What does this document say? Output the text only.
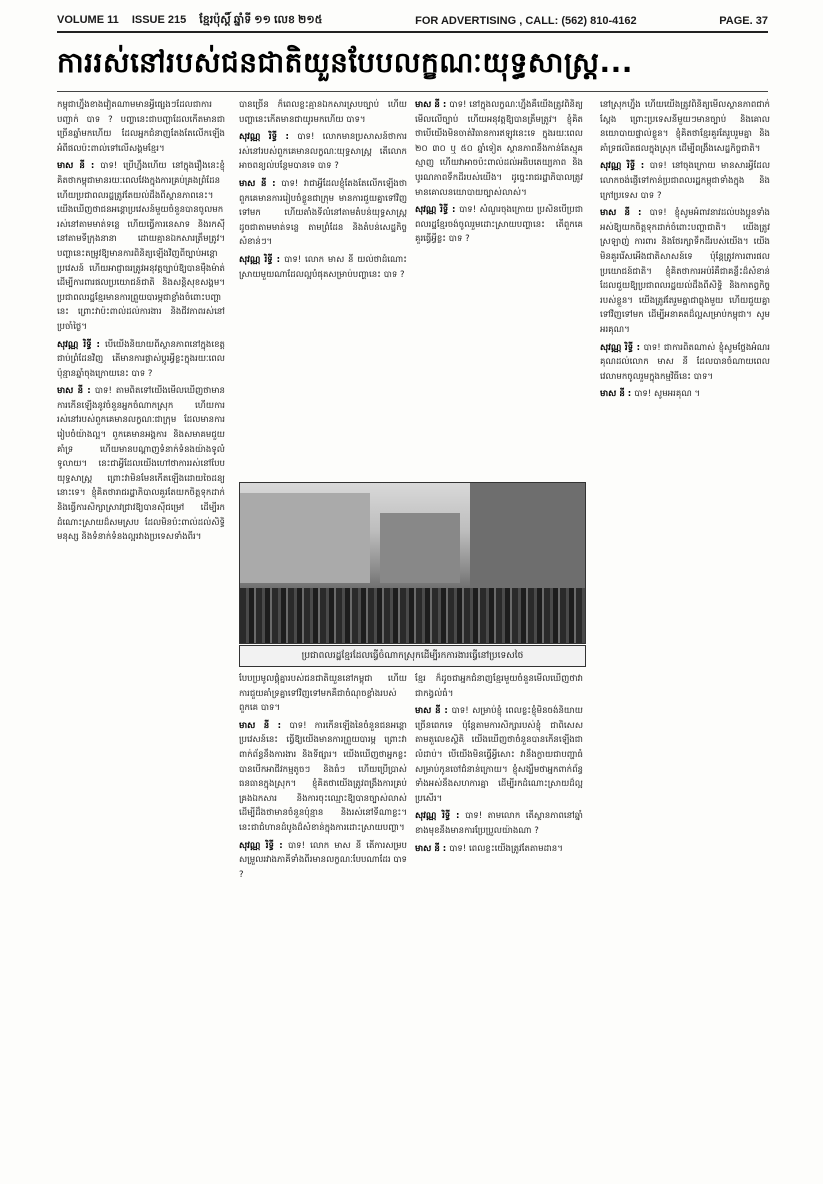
VOLUME 11 ISSUE 215 ខ្មែរប៉ុស្តិ៍ ឆ្នាំទី ១១ លេខ ២១៥	FOR ADVERTISING , CALL: (562) 810-4162	PAGE. 37
ការរស់នៅរបស់ជនជាតិយួនបែបលក្ខណៈយុទ្ធសាស្ត្រ...

កម្ពុជាហ្នឹងខាងវៀតណាមមានអ្វីផ្សេងៗដែលជាការបញ្ជាក់ បាទ ? បញ្ហានេះជាបញ្ហាដែលកើតមានជាច្រើនឆ្នាំមកហើយ ដែលអ្នកជំនាញតែងតែលើកឡើងអំពីផលប៉ះពាល់ទៅលើសង្គមខ្មែរ។

មាស នី : បាទ! ប្រើហ្នឹងហើយ នៅក្នុងរឿងនេះខ្ញុំគិតថាកម្ពុជាមានរយៈពេលវែងក្នុងការគ្រប់គ្រងព្រំដែន ហើយប្រជាពលរដ្ឋត្រូវតែយល់ដឹងពីស្ថានភាពនេះ។ យើងឃើញថាជនអន្តោប្រវេសន៍មួយចំនួនបានចូលមករស់នៅតាមមាត់ទន្លេ ហើយធ្វើការនេសាទ និងរកស៊ីនៅតាមទីក្រុងនានា ដោយគ្មានឯកសារត្រឹមត្រូវ។ បញ្ហានេះតម្រូវឱ្យមានការពិនិត្យឡើងវិញពីច្បាប់អន្តោប្រវេសន៍ ហើយអាជ្ញាធរត្រូវអនុវត្តច្បាប់ឱ្យបានម៉ឺងម៉ាត់ ដើម្បីការពារផលប្រយោជន៍ជាតិ និងសន្តិសុខសង្គម។ ប្រជាពលរដ្ឋខ្មែរមានការព្រួយបារម្ភជាខ្លាំងចំពោះបញ្ហានេះ ព្រោះវាប៉ះពាល់ដល់ការងារ និងជីវភាពរស់នៅប្រចាំថ្ងៃ។

សុវណ្ណ រិទ្ធី : បើយើងនិយាយពីស្ថានភាពនៅក្នុងខេត្តជាប់ព្រំដែនវិញ តើមានការផ្លាស់ប្តូរអ្វីខ្លះក្នុងរយៈពេលប៉ុន្មានឆ្នាំចុងក្រោយនេះ បាទ ?

មាស នី : បាទ! តាមពិតទៅយើងមើលឃើញថាមានការកើនឡើងនូវចំនួនអ្នកចំណាកស្រុក ហើយការរស់នៅរបស់ពួកគេមានលក្ខណៈជាក្រុម ដែលមានការរៀបចំយ៉ាងល្អ។ ពួកគេមានអង្គការ និងសមាគមជួយគាំទ្រ ហើយមានបណ្តាញទំនាក់ទំនងយ៉ាងទូលំទូលាយ។ នេះជាអ្វីដែលយើងហៅថាការរស់នៅបែបយុទ្ធសាស្ត្រ ព្រោះវាមិនមែនកើតឡើងដោយចៃដន្យនោះទេ។ ខ្ញុំគិតថារាជរដ្ឋាភិបាលគួរតែយកចិត្តទុកដាក់ និងធ្វើការសិក្សាស្រាវជ្រាវឱ្យបានស៊ីជម្រៅ ដើម្បីរកដំណោះស្រាយដ៏សមស្រប ដែលមិនប៉ះពាល់ដល់សិទ្ធិមនុស្ស និងទំនាក់ទំនងល្អរវាងប្រទេសទាំងពីរ។

បានច្រើន ក៏ពេលខ្លះគ្មានឯកសារស្របច្បាប់ ហើយបញ្ហានេះកើតមានជាយូរមកហើយ បាទ។

សុវណ្ណ រិទ្ធី : បាទ! លោកមានប្រសាសន៍ថាការរស់នៅរបស់ពួកគេមានលក្ខណៈយុទ្ធសាស្ត្រ តើលោកអាចពន្យល់បន្ថែមបានទេ បាទ ?

មាស នី : បាទ! វាជាអ្វីដែលខ្ញុំតែងតែលើកឡើងថា ពួកគេមានការរៀបចំខ្លួនជាក្រុម មានការជួយគ្នាទៅវិញទៅមក ហើយតាំងទីលំនៅតាមតំបន់យុទ្ធសាស្ត្រ ដូចជាតាមមាត់ទន្លេ តាមព្រំដែន និងតំបន់សេដ្ឋកិច្ចសំខាន់ៗ។

សុវណ្ណ រិទ្ធី : បាទ! លោក មាស នី យល់ថាដំណោះស្រាយមួយណាដែលល្អបំផុតសម្រាប់បញ្ហានេះ បាទ ?

មាស នី : បាទ! នៅក្នុងលក្ខណៈហ្នឹងគឺយើងត្រូវពិនិត្យមើលលើច្បាប់ ហើយអនុវត្តឱ្យបានត្រឹមត្រូវ។ ខ្ញុំគិតថាបើយើងមិនចាត់វិធានការឥឡូវនេះទេ ក្នុងរយៈពេល ២០ ៣០ ឬ ៥០ ឆ្នាំទៀត ស្ថានភាពនឹងកាន់តែស្មុគស្មាញ ហើយវាអាចប៉ះពាល់ដល់អធិបតេយ្យភាព និងបូរណភាពទឹកដីរបស់យើង។ ដូច្នេះរាជរដ្ឋាភិបាលត្រូវមានគោលនយោបាយច្បាស់លាស់។

សុវណ្ណ រិទ្ធី : បាទ! សំណួរចុងក្រោយ ប្រសិនបើប្រជាពលរដ្ឋខ្មែរចង់ចូលរួមដោះស្រាយបញ្ហានេះ តើពួកគេគួរធ្វើអ្វីខ្លះ បាទ ?

នៅស្រុកហ្នឹង ហើយយើងត្រូវពិនិត្យមើលស្ថានភាពជាក់ស្តែង ព្រោះប្រទេសនីមួយៗមានច្បាប់ និងគោលនយោបាយផ្ទាល់ខ្លួន។ ខ្ញុំគិតថាខ្មែរគួរតែរួបរួមគ្នា និងគាំទ្រផលិតផលក្នុងស្រុក ដើម្បីពង្រឹងសេដ្ឋកិច្ចជាតិ។

សុវណ្ណ រិទ្ធី : បាទ! នៅចុងក្រោយ មានសារអ្វីដែលលោកចង់ផ្ញើទៅកាន់ប្រជាពលរដ្ឋកម្ពុជាទាំងក្នុង និងក្រៅប្រទេស បាទ ?

មាស នី : បាទ! ខ្ញុំសូមអំពាវនាវដល់បងប្អូនទាំងអស់ឱ្យយកចិត្តទុកដាក់ចំពោះបញ្ហាជាតិ។ យើងត្រូវស្រឡាញ់ ការពារ និងថែរក្សាទឹកដីរបស់យើង។ យើងមិនគួររើសអើងជាតិសាសន៍ទេ ប៉ុន្តែត្រូវការពារផលប្រយោជន៍ជាតិ។ ខ្ញុំគិតថាការអប់រំគឺជាគន្លឹះដ៏សំខាន់ ដែលជួយឱ្យប្រជាពលរដ្ឋយល់ដឹងពីសិទ្ធិ និងកាតព្វកិច្ចរបស់ខ្លួន។ យើងត្រូវតែរួមគ្នាជាធ្លុងមួយ ហើយជួយគ្នាទៅវិញទៅមក ដើម្បីអនាគតដ៏ល្អសម្រាប់កម្ពុជា។ សូមអរគុណ។

សុវណ្ណ រិទ្ធី : បាទ! ជាការពិតណាស់ ខ្ញុំសូមថ្លែងអំណរគុណដល់លោក មាស នី ដែលបានចំណាយពេលវេលាមកចូលរួមក្នុងកម្មវិធីនេះ បាទ។

មាស នី : បាទ! សូមអរគុណ ។

ប្រជាពលរដ្ឋខ្មែរដែលធ្វើចំណាកស្រុកដើម្បីរកការងារធ្វើនៅប្រទេសថៃ

បែបប្រមូលផ្តុំគ្នារបស់ជនជាតិយួននៅកម្ពុជា ហើយការជួយគាំទ្រគ្នាទៅវិញទៅមកគឺជាចំណុចខ្លាំងរបស់ពួកគេ បាទ។

មាស នី : បាទ! ការកើនឡើងនៃចំនួនជនអន្តោប្រវេសន៍នេះ ធ្វើឱ្យយើងមានការព្រួយបារម្ភ ព្រោះវាពាក់ព័ន្ធនឹងការងារ និងទីផ្សារ។ យើងឃើញថាអ្នកខ្លះបានបើកអាជីវកម្មតូចៗ និងធំៗ ហើយប្រើប្រាស់ធនធានក្នុងស្រុក។ ខ្ញុំគិតថាយើងត្រូវពង្រឹងការគ្រប់គ្រងឯកសារ និងការចុះឈ្មោះឱ្យបានច្បាស់លាស់ ដើម្បីដឹងថាមានចំនួនប៉ុន្មាន និងរស់នៅទីណាខ្លះ។ នេះជាជំហានដំបូងដ៏សំខាន់ក្នុងការដោះស្រាយបញ្ហា។

សុវណ្ណ រិទ្ធី : បាទ! លោក មាស នី តើការសម្របសម្រួលរវាងភាគីទាំងពីរមានលក្ខណៈបែបណាដែរ បាទ ?

ខ្មែរ ក៏ដូចជាអ្នកជំនាញខ្មែរមួយចំនួនមើលឃើញថាវាជាកង្វល់ធំ។

មាស នី : បាទ! សម្រាប់ខ្ញុំ ពេលខ្លះខ្ញុំមិនចង់និយាយច្រើនពេកទេ ប៉ុន្តែតាមការសិក្សារបស់ខ្ញុំ ជាពិសេសតាមតួលេខស្ថិតិ យើងឃើញថាចំនួនបានកើនឡើងជាលំដាប់។ បើយើងមិនធ្វើអ្វីសោះ វានឹងក្លាយជាបញ្ហាធំសម្រាប់កូនចៅជំនាន់ក្រោយ។ ខ្ញុំសង្ឃឹមថាអ្នកពាក់ព័ន្ធទាំងអស់នឹងសហការគ្នា ដើម្បីរកដំណោះស្រាយដ៏ល្អប្រសើរ។

សុវណ្ណ រិទ្ធី : បាទ! តាមលោក តើស្ថានភាពនៅឆ្នាំខាងមុខនឹងមានការប្រែប្រួលយ៉ាងណា ?

មាស នី : បាទ! ពេលខ្លះយើងត្រូវតែតាមដាន។
